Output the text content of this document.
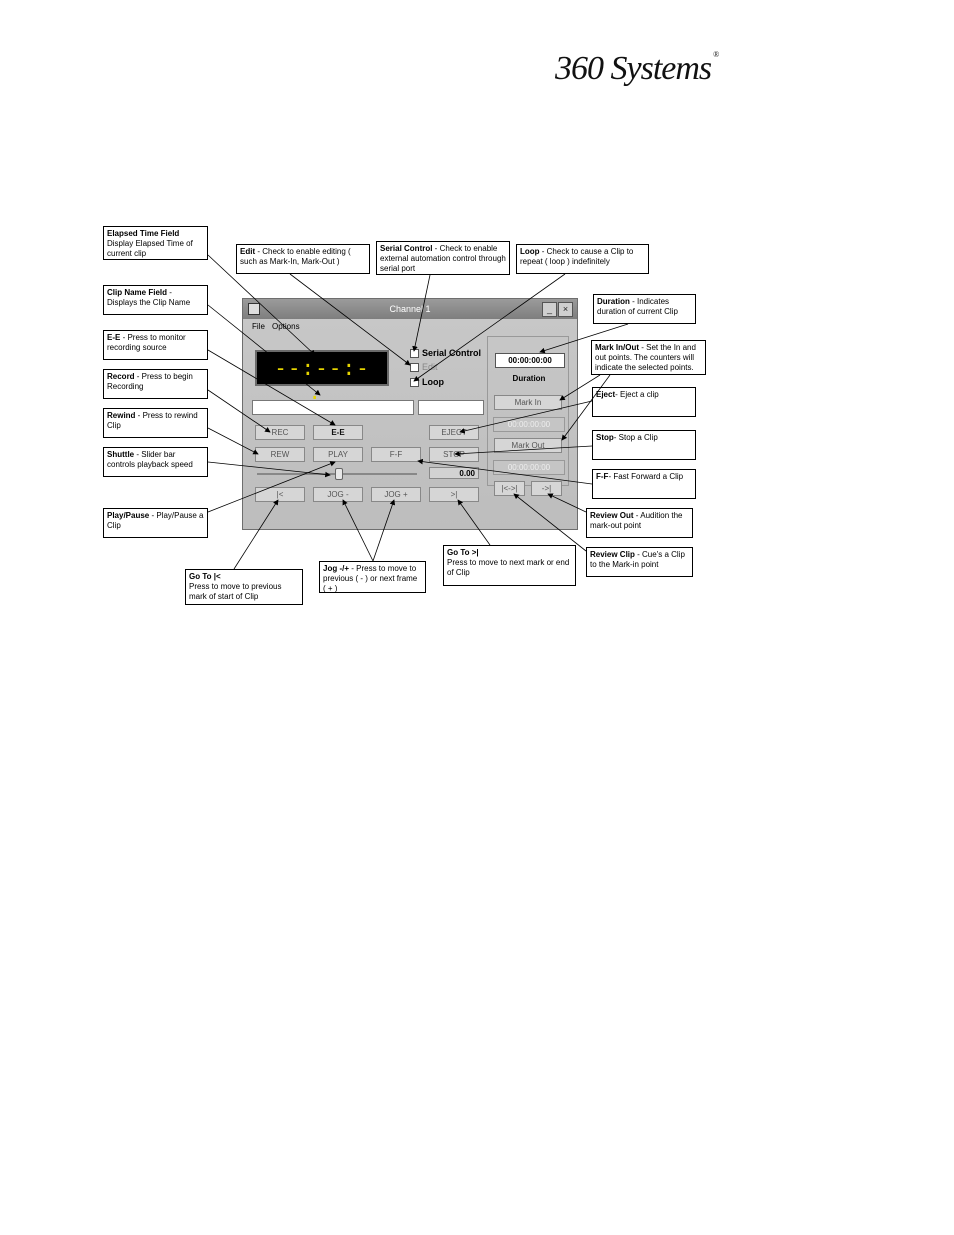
360 Systems ®
Channel 1	_	×
File Options
--:--:-
Serial Control
Edit
Loop
REC	E-E	EJECT
REW	PLAY	F-F	STOP
0.00
|<	JOG -	JOG +	>|
00:00:00:00
Duration
Mark In
00:00:00:00
Mark Out
00:00:00:00
|<->|	->|
Elapsed Time Field
Display Elapsed Time of current clip	Edit - Check to enable editing ( such as Mark-In, Mark-Out )
Serial Control - Check to enable external automation control through serial port
Loop - Check to cause a Clip to repeat ( loop ) indefinitely
Clip Name Field - Displays the Clip Name	Duration - Indicates duration of current Clip
E-E - Press to monitor recording source	Mark In/Out - Set the In and out points. The counters will indicate the selected points.
Record - Press to begin Recording
Eject- Eject a clip
Rewind - Press to rewind Clip
Stop- Stop a Clip
Shuttle - Slider bar controls playback speed
F-F- Fast Forward a Clip
Play/Pause - Play/Pause a Clip
Review Out - Audition the mark-out point
Go To >|
Press to move to next mark or end of Clip
Review Clip - Cue's a Clip to the Mark-in point
Go To |<
Press to move to previous mark of start of Clip
Jog -/+ - Press to move to previous ( - ) or next frame ( + )
